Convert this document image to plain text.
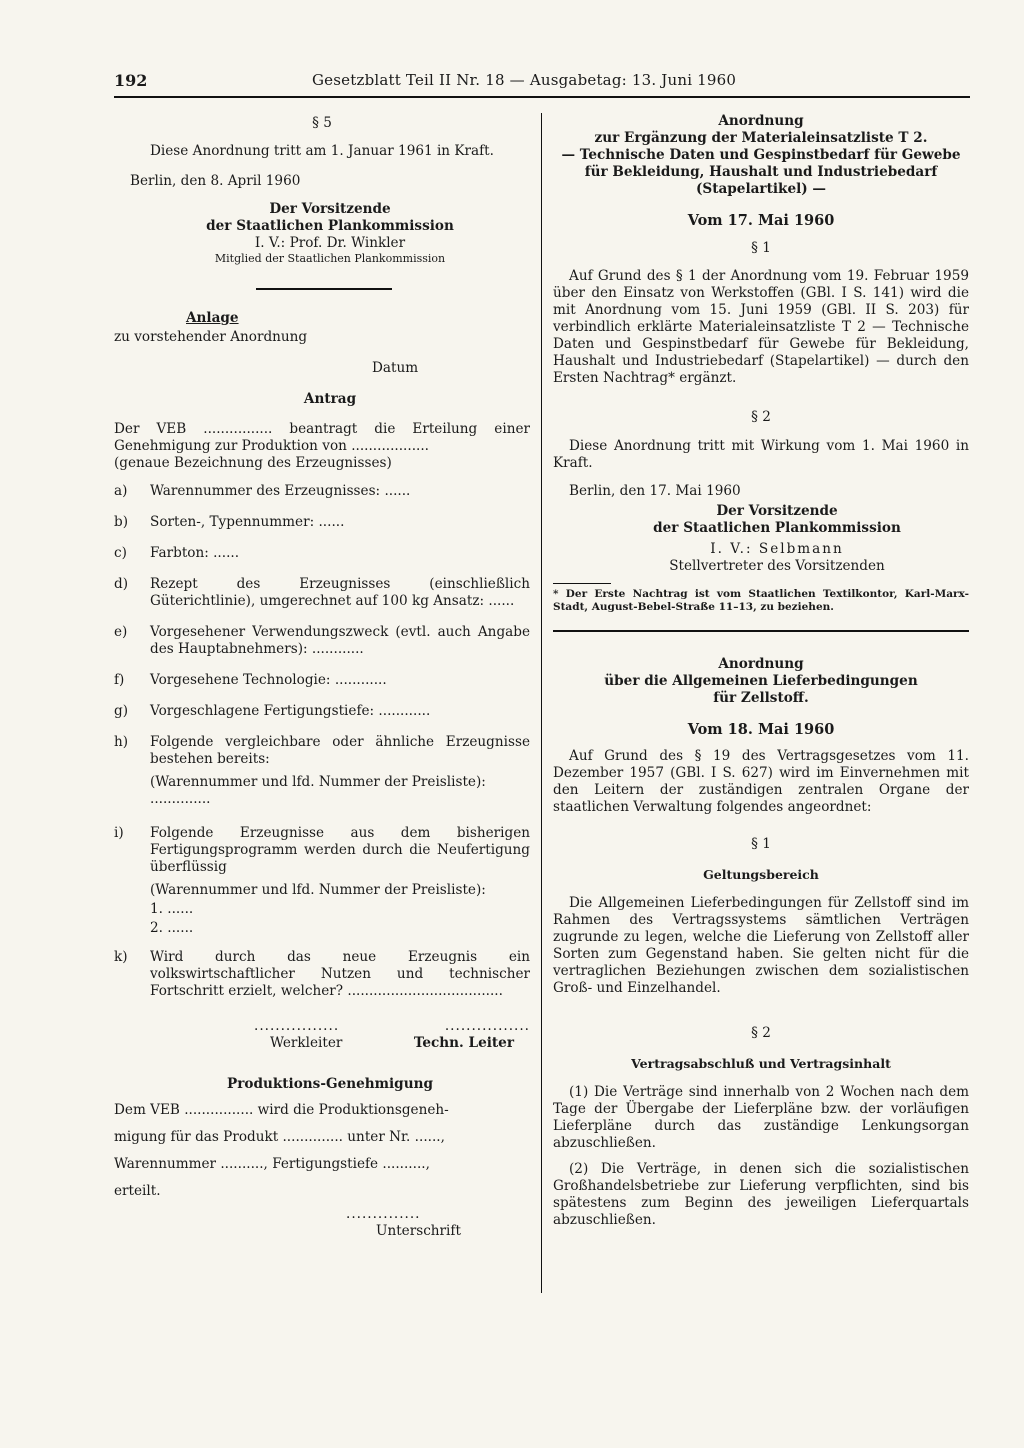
192	Gesetzblatt Teil II Nr. 18 — Ausgabetag: 13. Juni 1960

§ 5

Diese Anordnung tritt am 1. Januar 1961 in Kraft.

Berlin, den 8. April 1960

Der Vorsitzende

der Staatlichen Plankommission

I. V.: Prof. Dr. Winkler

Mitglied der Staatlichen Plankommission

Anlage

zu vorstehender Anordnung

Datum

Antrag

Der VEB ................ beantragt die Erteilung einer Genehmigung zur Produktion von ..................

(genaue Bezeichnung des Erzeugnisses)

a)	Warennummer des Erzeugnisses: ......
b)	Sorten-, Typennummer: ......
c)	Farbton: ......
d)	Rezept des Erzeugnisses (einschließlich Güterichtlinie), umgerechnet auf 100 kg Ansatz: ......
e)	Vorgesehener Verwendungszweck (evtl. auch Angabe des Hauptabnehmers): ............
f)	Vorgesehene Technologie: ............
g)	Vorgeschlagene Fertigungstiefe: ............
h)	Folgende vergleichbare oder ähnliche Erzeugnisse bestehen bereits:

(Warennummer und lfd. Nummer der Preisliste):

..............

i)	Folgende Erzeugnisse aus dem bisherigen Fertigungsprogramm werden durch die Neufertigung überflüssig

(Warennummer und lfd. Nummer der Preisliste):

1. ......

2. ......

k)	Wird durch das neue Erzeugnis ein volkswirtschaftlicher Nutzen und technischer Fortschritt erzielt, welcher? ....................................
................	................
Werkleiter	Techn. Leiter

Produktions-Genehmigung

Dem VEB ................ wird die Produktionsgeneh-

migung für das Produkt .............. unter Nr. ......,

Warennummer .........., Fertigungstiefe ..........,

erteilt.

..............

Unterschrift

Anordnung

zur Ergänzung der Materialeinsatzliste T 2.

— Technische Daten und Gespinstbedarf für Gewebe für Bekleidung, Haushalt und Industriebedarf (Stapelartikel) —

Vom 17. Mai 1960

§ 1

Auf Grund des § 1 der Anordnung vom 19. Februar 1959 über den Einsatz von Werkstoffen (GBl. I S. 141) wird die mit Anordnung vom 15. Juni 1959 (GBl. II S. 203) für verbindlich erklärte Materialeinsatzliste T 2 — Technische Daten und Gespinstbedarf für Gewebe für Bekleidung, Haushalt und Industriebedarf (Stapelartikel) — durch den Ersten Nachtrag* ergänzt.

§ 2

Diese Anordnung tritt mit Wirkung vom 1. Mai 1960 in Kraft.

Berlin, den 17. Mai 1960

Der Vorsitzende

der Staatlichen Plankommission

I. V.: Selbmann

Stellvertreter des Vorsitzenden

* Der Erste Nachtrag ist vom Staatlichen Textilkontor, Karl-Marx-Stadt, August-Bebel-Straße 11–13, zu beziehen.

Anordnung

über die Allgemeinen Lieferbedingungen

für Zellstoff.

Vom 18. Mai 1960

Auf Grund des § 19 des Vertragsgesetzes vom 11. Dezember 1957 (GBl. I S. 627) wird im Einvernehmen mit den Leitern der zuständigen zentralen Organe der staatlichen Verwaltung folgendes angeordnet:

§ 1

Geltungsbereich

Die Allgemeinen Lieferbedingungen für Zellstoff sind im Rahmen des Vertragssystems sämtlichen Verträgen zugrunde zu legen, welche die Lieferung von Zellstoff aller Sorten zum Gegenstand haben. Sie gelten nicht für die vertraglichen Beziehungen zwischen dem sozialistischen Groß- und Einzelhandel.

§ 2

Vertragsabschluß und Vertragsinhalt

(1) Die Verträge sind innerhalb von 2 Wochen nach dem Tage der Übergabe der Lieferpläne bzw. der vorläufigen Lieferpläne durch das zuständige Lenkungsorgan abzuschließen.

(2) Die Verträge, in denen sich die sozialistischen Großhandelsbetriebe zur Lieferung verpflichten, sind bis spätestens zum Beginn des jeweiligen Lieferquartals abzuschließen.
